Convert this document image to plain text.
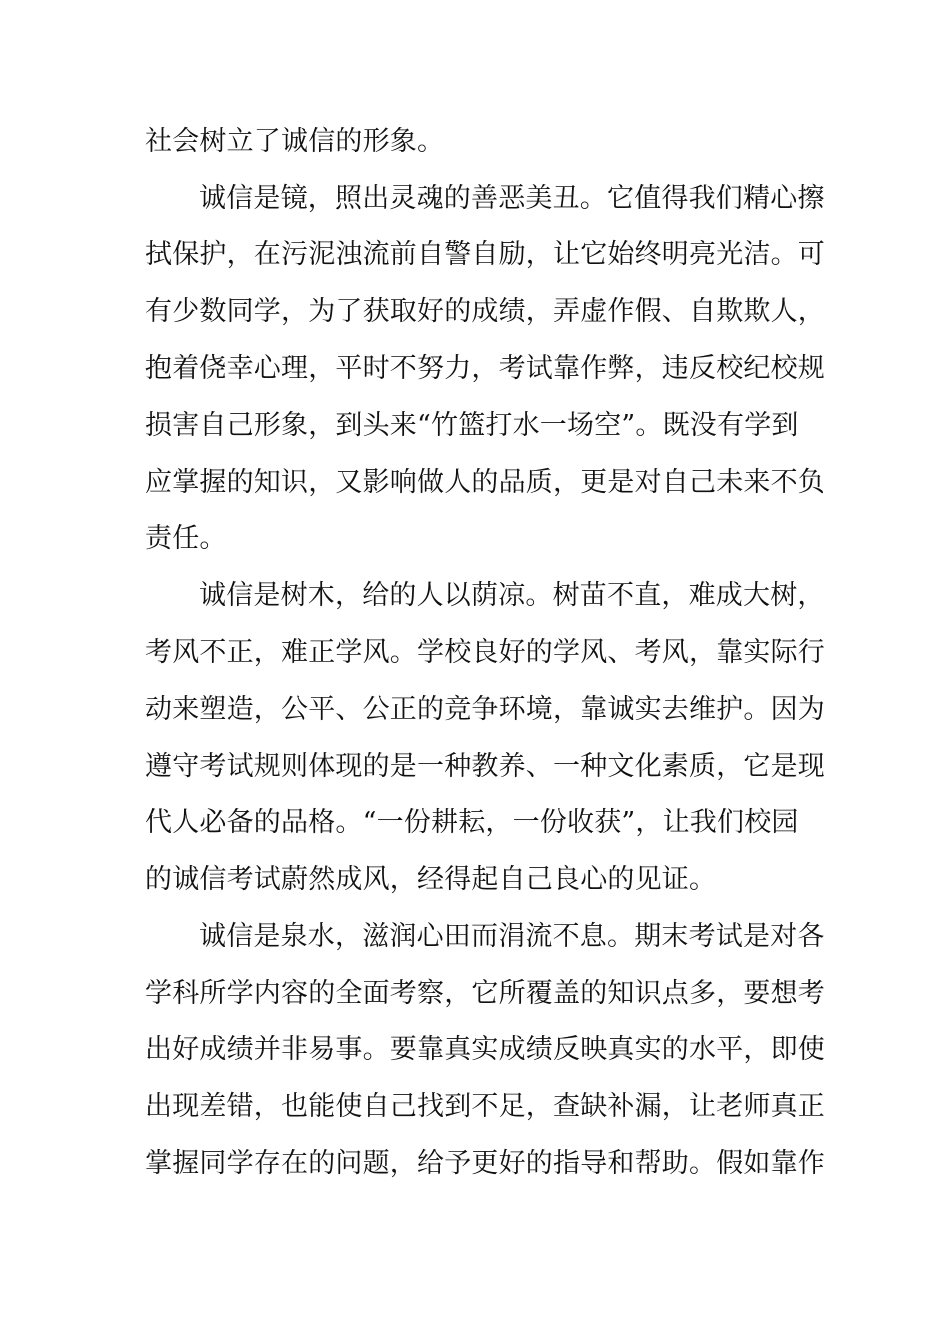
社会树立了诚信的形象。
诚信是镜，照出灵魂的善恶美丑。它值得我们精心擦
拭保护，在污泥浊流前自警自励，让它始终明亮光洁。可
有少数同学，为了获取好的成绩，弄虚作假、自欺欺人，
抱着侥幸心理，平时不努力，考试靠作弊，违反校纪校规
损害自己形象，到头来“竹篮打水一场空”。既没有学到
应掌握的知识，又影响做人的品质，更是对自己未来不负
责任。
诚信是树木，给的人以荫凉。树苗不直，难成大树，
考风不正，难正学风。学校良好的学风、考风，靠实际行
动来塑造，公平、公正的竞争环境，靠诚实去维护。因为
遵守考试规则体现的是一种教养、一种文化素质，它是现
代人必备的品格。“一份耕耘，一份收获”，让我们校园
的诚信考试蔚然成风，经得起自己良心的见证。
诚信是泉水，滋润心田而涓流不息。期末考试是对各
学科所学内容的全面考察，它所覆盖的知识点多，要想考
出好成绩并非易事。要靠真实成绩反映真实的水平，即使
出现差错，也能使自己找到不足，查缺补漏，让老师真正
掌握同学存在的问题，给予更好的指导和帮助。假如靠作
